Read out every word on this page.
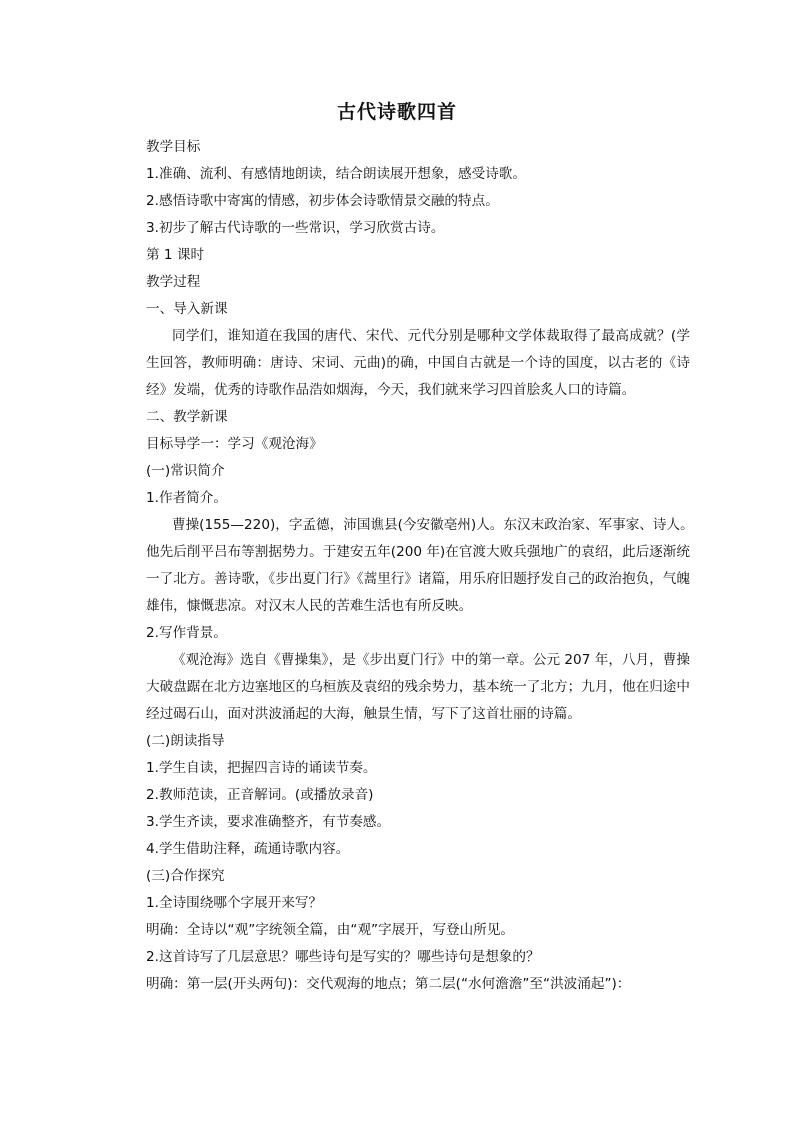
古代诗歌四首
教学目标
1.准确、流利、有感情地朗读，结合朗读展开想象，感受诗歌。
2.感悟诗歌中寄寓的情感，初步体会诗歌情景交融的特点。
3.初步了解古代诗歌的一些常识，学习欣赏古诗。
第 1 课时
教学过程
一、导入新课
同学们，谁知道在我国的唐代、宋代、元代分别是哪种文学体裁取得了最高成就？(学
生回答，教师明确：唐诗、宋词、元曲)的确，中国自古就是一个诗的国度，以古老的《诗
经》发端，优秀的诗歌作品浩如烟海，今天，我们就来学习四首脍炙人口的诗篇。
二、教学新课
目标导学一：学习《观沧海》
(一)常识简介
1.作者简介。
曹操(155—220)，字孟德，沛国谯县(今安徽亳州)人。东汉末政治家、军事家、诗人。
他先后削平吕布等割据势力。于建安五年(200 年)在官渡大败兵强地广的袁绍，此后逐渐统
一了北方。善诗歌，《步出夏门行》《蒿里行》诸篇，用乐府旧题抒发自己的政治抱负，气魄
雄伟，慷慨悲凉。对汉末人民的苦难生活也有所反映。
2.写作背景。
《观沧海》选自《曹操集》，是《步出夏门行》中的第一章。公元 207 年，八月，曹操
大破盘踞在北方边塞地区的乌桓族及袁绍的残余势力，基本统一了北方；九月，他在归途中
经过碣石山，面对洪波涌起的大海，触景生情，写下了这首壮丽的诗篇。
(二)朗读指导
1.学生自读，把握四言诗的诵读节奏。
2.教师范读，正音解词。(或播放录音)
3.学生齐读，要求准确整齐，有节奏感。
4.学生借助注释，疏通诗歌内容。
(三)合作探究
1.全诗围绕哪个字展开来写？
明确：全诗以“观”字统领全篇，由“观”字展开，写登山所见。
2.这首诗写了几层意思？哪些诗句是写实的？哪些诗句是想象的？
明确：第一层(开头两句)：交代观海的地点；第二层(“水何澹澹”至“洪波涌起”)：
